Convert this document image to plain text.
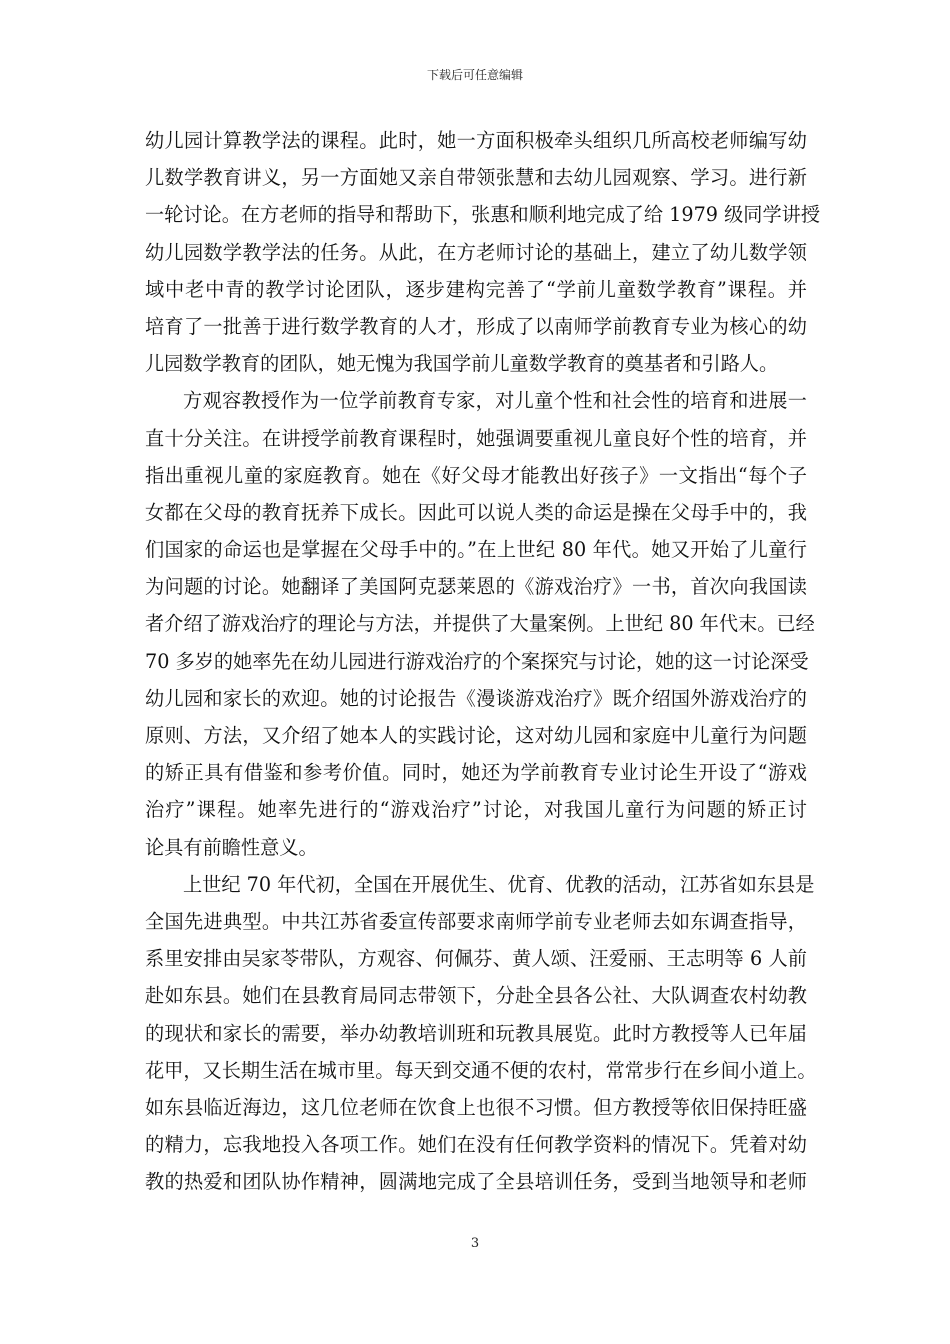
下载后可任意编辑
幼儿园计算教学法的课程。此时，她一方面积极牵头组织几所高校老师编写幼
儿数学教育讲义，另一方面她又亲自带领张慧和去幼儿园观察、学习。进行新
一轮讨论。在方老师的指导和帮助下，张惠和顺利地完成了给 1979 级同学讲授
幼儿园数学教学法的任务。从此，在方老师讨论的基础上，建立了幼儿数学领
域中老中青的教学讨论团队，逐步建构完善了“学前儿童数学教育”课程。并
培育了一批善于进行数学教育的人才，形成了以南师学前教育专业为核心的幼
儿园数学教育的团队，她无愧为我国学前儿童数学教育的奠基者和引路人。
方观容教授作为一位学前教育专家，对儿童个性和社会性的培育和进展一
直十分关注。在讲授学前教育课程时，她强调要重视儿童良好个性的培育，并
指出重视儿童的家庭教育。她在《好父母才能教出好孩子》一文指出“每个子
女都在父母的教育抚养下成长。因此可以说人类的命运是操在父母手中的，我
们国家的命运也是掌握在父母手中的。”在上世纪 80 年代。她又开始了儿童行
为问题的讨论。她翻译了美国阿克瑟莱恩的《游戏治疗》一书，首次向我国读
者介绍了游戏治疗的理论与方法，并提供了大量案例。上世纪 80 年代末。已经
70 多岁的她率先在幼儿园进行游戏治疗的个案探究与讨论，她的这一讨论深受
幼儿园和家长的欢迎。她的讨论报告《漫谈游戏治疗》既介绍国外游戏治疗的
原则、方法，又介绍了她本人的实践讨论，这对幼儿园和家庭中儿童行为问题
的矫正具有借鉴和参考价值。同时，她还为学前教育专业讨论生开设了“游戏
治疗”课程。她率先进行的“游戏治疗”讨论，对我国儿童行为问题的矫正讨
论具有前瞻性意义。
上世纪 70 年代初，全国在开展优生、优育、优教的活动，江苏省如东县是
全国先进典型。中共江苏省委宣传部要求南师学前专业老师去如东调查指导，
系里安排由吴家苓带队，方观容、何佩芬、黄人颂、汪爱丽、王志明等 6 人前
赴如东县。她们在县教育局同志带领下，分赴全县各公社、大队调查农村幼教
的现状和家长的需要，举办幼教培训班和玩教具展览。此时方教授等人已年届
花甲，又长期生活在城市里。每天到交通不便的农村，常常步行在乡间小道上。
如东县临近海边，这几位老师在饮食上也很不习惯。但方教授等依旧保持旺盛
的精力，忘我地投入各项工作。她们在没有任何教学资料的情况下。凭着对幼
教的热爱和团队协作精神，圆满地完成了全县培训任务，受到当地领导和老师
3
